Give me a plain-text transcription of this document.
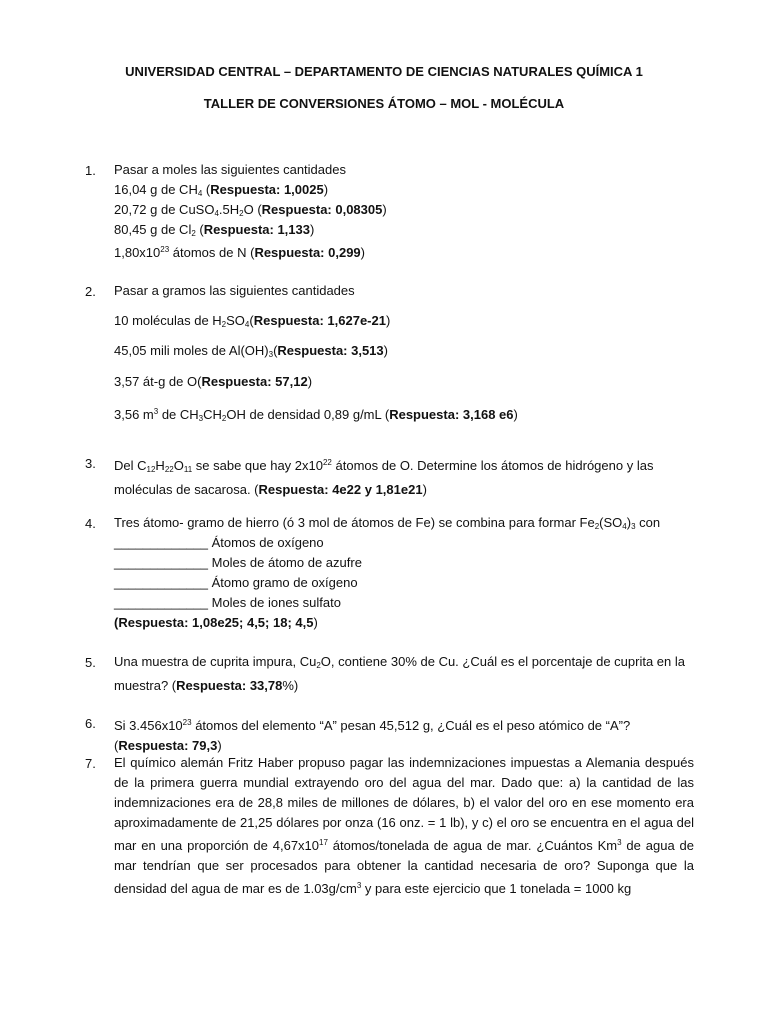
UNIVERSIDAD CENTRAL – DEPARTAMENTO DE CIENCIAS NATURALES QUÍMICA 1
TALLER DE CONVERSIONES ÁTOMO – MOL - MOLÉCULA
1. Pasar a moles las siguientes cantidades
16,04 g de $CH_4$ (Respuesta: 1,0025)
20,72 g de $CuSO_4.5H_2O$ (Respuesta: 0,08305)
80,45 g de $Cl_2$ (Respuesta: 1,133)
$1,80x10^{23}$ átomos de N (Respuesta: 0,299)
2. Pasar a gramos las siguientes cantidades
10 moléculas de $H_2SO_4(Respuesta$: 1,627e-21)
45,05 mili moles de $Al(OH)_3(Respuesta$: 3,513)
3,57 át-g de O(Respuesta: 57,12)
3,56 $m^3$ de $CH_3CH_2OH$ de densidad 0,89 g/mL (Respuesta: 3,168 e6)
3. Del $C_{12}H_{22}O_{11}$ se sabe que hay $2x10^{22}$ átomos de O. Determine los átomos de hidrógeno y las moléculas de sacarosa. (Respuesta: 4e22 y 1,81e21)
4. Tres átomo- gramo de hierro (ó 3 mol de átomos de Fe) se combina para formar $Fe_2(SO_4)_3$ con
_____________ Átomos de oxígeno
_____________ Moles de átomo de azufre
_____________ Átomo gramo de oxígeno
_____________ Moles de iones sulfato
(Respuesta: 1,08e25; 4,5; 18; 4,5)
5. Una muestra de cuprita impura, $Cu_2O$, contiene 30% de Cu. ¿Cuál es el porcentaje de cuprita en la muestra? (Respuesta: 33,78%)
6. Si $3.456x10^{23}$ átomos del elemento “A” pesan 45,512 g, ¿Cuál es el peso atómico de “A”? (Respuesta: 79,3)
7. El químico alemán Fritz Haber propuso pagar las indemnizaciones impuestas a Alemania después de la primera guerra mundial extrayendo oro del agua del mar. Dado que: a) la cantidad de las indemnizaciones era de 28,8 miles de millones de dólares, b) el valor del oro en ese momento era aproximadamente de 21,25 dólares por onza (16 onz. = 1 lb), y c) el oro se encuentra en el agua del mar en una proporción de $4,67x10^{17}$ átomos/tonelada de agua de mar. ¿Cuántos Km$^3$ de agua de mar tendrían que ser procesados para obtener la cantidad necesaria de oro? Suponga que la densidad del agua de mar es de $1.03g/cm^3$ y para este ejercicio que 1 tonelada = 1000 kg
